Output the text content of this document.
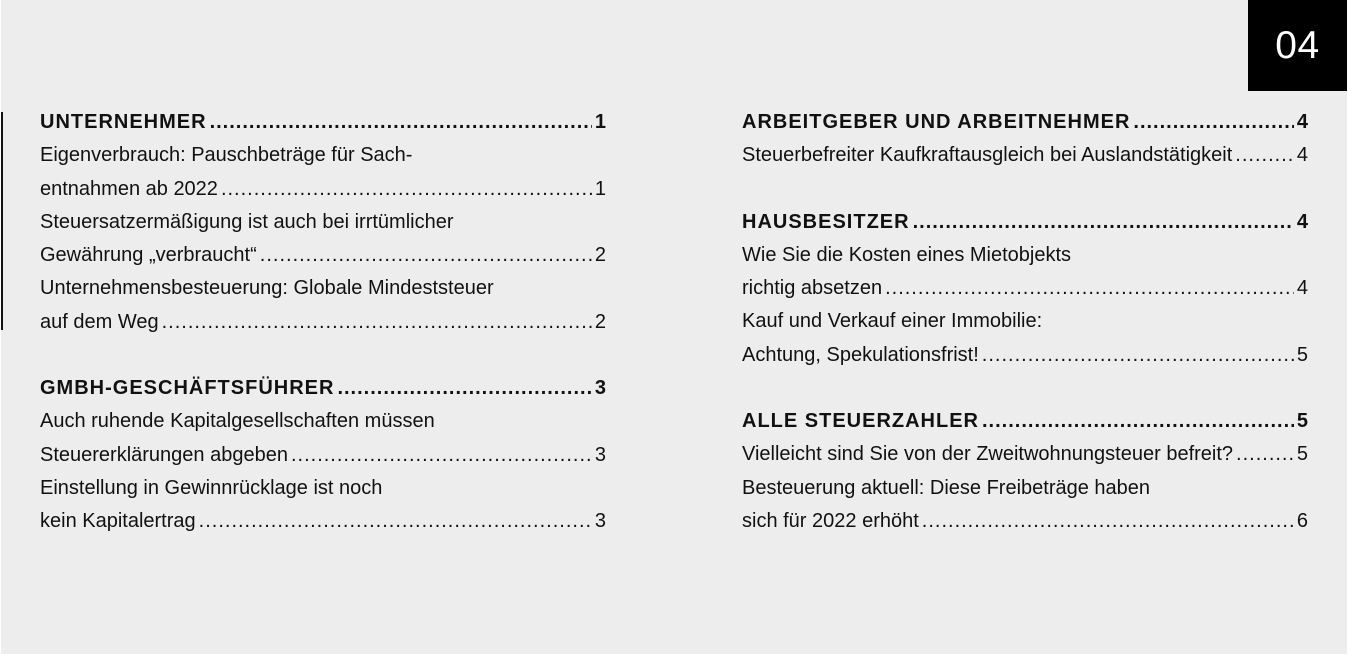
04
UNTERNEHMER .....	1
Eigenverbrauch: Pauschbeträge für Sach-
entnahmen ab 2022 .....	1
Steuersatzermäßigung ist auch bei irrtümlicher
Gewährung „verbraucht“ .....	2
Unternehmensbesteuerung: Globale Mindeststeuer
auf dem Weg .....	2
GMBH-GESCHÄFTSFÜHRER .....	3
Auch ruhende Kapitalgesellschaften müssen
Steuererklärungen abgeben .....	3
Einstellung in Gewinnrücklage ist noch
kein Kapitalertrag .....	3
ARBEITGEBER UND ARBEITNEHMER .....	4
Steuerbefreiter Kaufkraftausgleich bei Auslandstätigkeit .....	4
HAUSBESITZER .....	4
Wie Sie die Kosten eines Mietobjekts
richtig absetzen .....	4
Kauf und Verkauf einer Immobilie:
Achtung, Spekulationsfrist! .....	5
ALLE STEUERZAHLER .....	5
Vielleicht sind Sie von der Zweitwohnungsteuer befreit? .....	5
Besteuerung aktuell: Diese Freibeträge haben
sich für 2022 erhöht .....	6
